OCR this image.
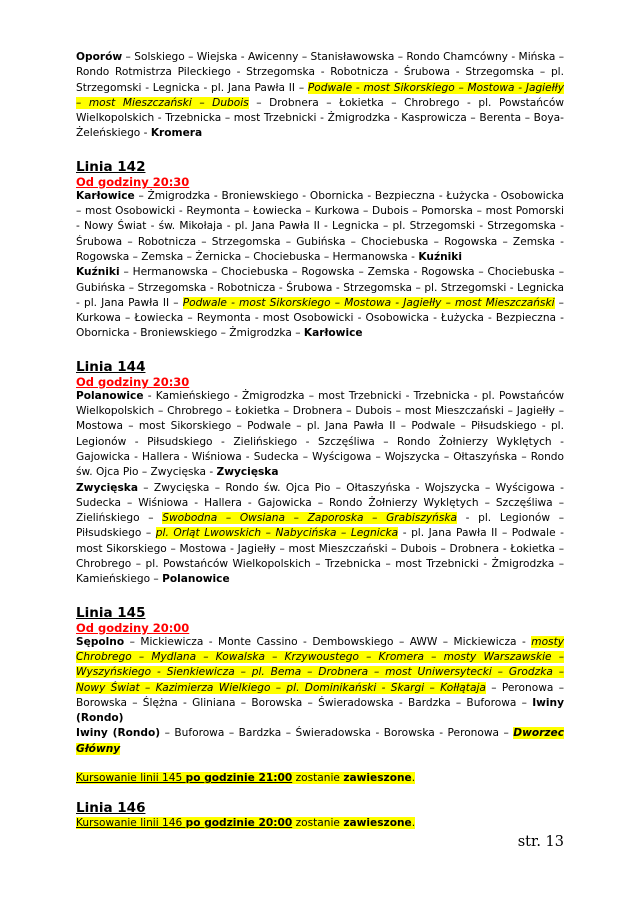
Oporów – Solskiego – Wiejska - Awicenny – Stanisławowska – Rondo Chamcówny - Mińska – Rondo Rotmistrza Pileckiego - Strzegomska - Robotnicza - Śrubowa - Strzegomska – pl. Strzegomski - Legnicka - pl. Jana Pawła II – Podwale - most Sikorskiego – Mostowa - Jagiełły – most Mieszczański – Dubois – Drobnera – Łokietka – Chrobrego - pl. Powstańców Wielkopolskich - Trzebnicka – most Trzebnicki - Żmigrodzka - Kasprowicza – Berenta – Boya-Żeleńskiego - Kromera

Linia 142

Od godziny 20:30

Karłowice – Żmigrodzka - Broniewskiego - Obornicka - Bezpieczna - Łużycka - Osobowicka – most Osobowicki - Reymonta – Łowiecka – Kurkowa – Dubois – Pomorska – most Pomorski - Nowy Świat - św. Mikołaja - pl. Jana Pawła II - Legnicka – pl. Strzegomski - Strzegomska - Śrubowa – Robotnicza – Strzegomska – Gubińska – Chociebuska – Rogowska – Zemska - Rogowska – Zemska – Żernicka – Chociebuska – Hermanowska - Kuźniki

Kuźniki – Hermanowska – Chociebuska – Rogowska – Zemska - Rogowska – Chociebuska – Gubińska – Strzegomska - Robotnicza - Śrubowa - Strzegomska – pl. Strzegomski - Legnicka - pl. Jana Pawła II – Podwale - most Sikorskiego – Mostowa - Jagiełły – most Mieszczański – Kurkowa – Łowiecka – Reymonta - most Osobowicki - Osobowicka - Łużycka - Bezpieczna - Obornicka - Broniewskiego – Żmigrodzka – Karłowice

Linia 144

Od godziny 20:30

Polanowice - Kamieńskiego - Żmigrodzka – most Trzebnicki - Trzebnicka - pl. Powstańców Wielkopolskich – Chrobrego – Łokietka – Drobnera – Dubois – most Mieszczański – Jagiełły – Mostowa – most Sikorskiego – Podwale – pl. Jana Pawła II – Podwale – Piłsudskiego - pl. Legionów - Piłsudskiego - Zielińskiego - Szczęśliwa – Rondo Żołnierzy Wyklętych - Gajowicka - Hallera - Wiśniowa - Sudecka – Wyścigowa – Wojszycka – Ołtaszyńska – Rondo św. Ojca Pio – Zwycięska - Zwycięska

Zwycięska – Zwycięska – Rondo św. Ojca Pio – Ołtaszyńska - Wojszycka – Wyścigowa - Sudecka – Wiśniowa - Hallera - Gajowicka – Rondo Żołnierzy Wyklętych – Szczęśliwa – Zielińskiego – Swobodna – Owsiana – Zaporoska – Grabiszyńska - pl. Legionów – Piłsudskiego – pl. Orląt Lwowskich – Nabycińska – Legnicka - pl. Jana Pawła II – Podwale - most Sikorskiego – Mostowa - Jagiełły – most Mieszczański – Dubois – Drobnera - Łokietka – Chrobrego – pl. Powstańców Wielkopolskich – Trzebnicka – most Trzebnicki - Żmigrodzka – Kamieńskiego – Polanowice

Linia 145

Od godziny 20:00

Sępolno – Mickiewicza - Monte Cassino - Dembowskiego – AWW – Mickiewicza - mosty Chrobrego – Mydlana – Kowalska – Krzywoustego – Kromera – mosty Warszawskie – Wyszyńskiego - Sienkiewicza – pl. Bema – Drobnera – most Uniwersytecki – Grodzka – Nowy Świat – Kazimierza Wielkiego – pl. Dominikański - Skargi – Kołłątaja – Peronowa – Borowska – Ślężna - Gliniana – Borowska – Świeradowska - Bardzka – Buforowa – Iwiny (Rondo)

Iwiny (Rondo) – Buforowa – Bardzka – Świeradowska - Borowska - Peronowa – Dworzec Główny

Kursowanie linii 145 po godzinie 21:00 zostanie zawieszone.

Linia 146

Kursowanie linii 146 po godzinie 20:00 zostanie zawieszone.

str. 13
